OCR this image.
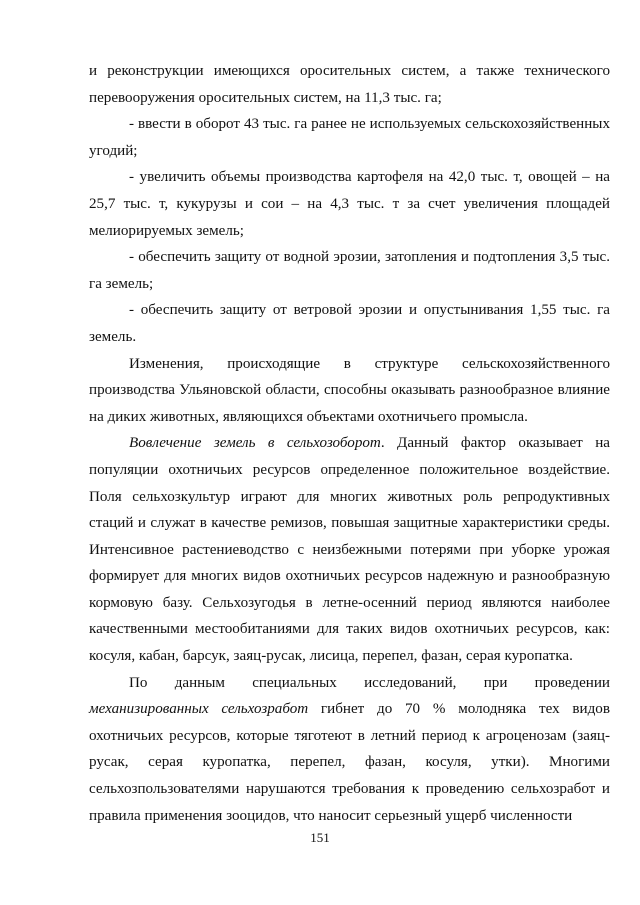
и реконструкции имеющихся оросительных систем, а также технического перевооружения оросительных систем, на 11,3 тыс. га;

- ввести в оборот 43 тыс. га ранее не используемых сельскохозяйственных угодий;

- увеличить объемы производства картофеля на 42,0 тыс. т, овощей – на 25,7 тыс. т, кукурузы и сои – на 4,3 тыс. т за счет увеличения площадей мелиорируемых земель;

- обеспечить защиту от водной эрозии, затопления и подтопления 3,5 тыс. га земель;

- обеспечить защиту от ветровой эрозии и опустынивания 1,55 тыс. га земель.

Изменения, происходящие в структуре сельскохозяйственного производства Ульяновской области, способны оказывать разнообразное влияние на диких животных, являющихся объектами охотничьего промысла.

Вовлечение земель в сельхозоборот. Данный фактор оказывает на популяции охотничьих ресурсов определенное положительное воздействие. Поля сельхозкультур играют для многих животных роль репродуктивных стаций и служат в качестве ремизов, повышая защитные характеристики среды. Интенсивное растениеводство с неизбежными потерями при уборке урожая формирует для многих видов охотничьих ресурсов надежную и разнообразную кормовую базу. Сельхозугодья в летне-осенний период являются наиболее качественными местообитаниями для таких видов охотничьих ресурсов, как: косуля, кабан, барсук, заяц-русак, лисица, перепел, фазан, серая куропатка.

По данным специальных исследований, при проведении механизированных сельхозработ гибнет до 70 % молодняка тех видов охотничьих ресурсов, которые тяготеют в летний период к агроценозам (заяц-русак, серая куропатка, перепел, фазан, косуля, утки). Многими сельхозпользователями нарушаются требования к проведению сельхозработ и правила применения зооцидов, что наносит серьезный ущерб численности

151
